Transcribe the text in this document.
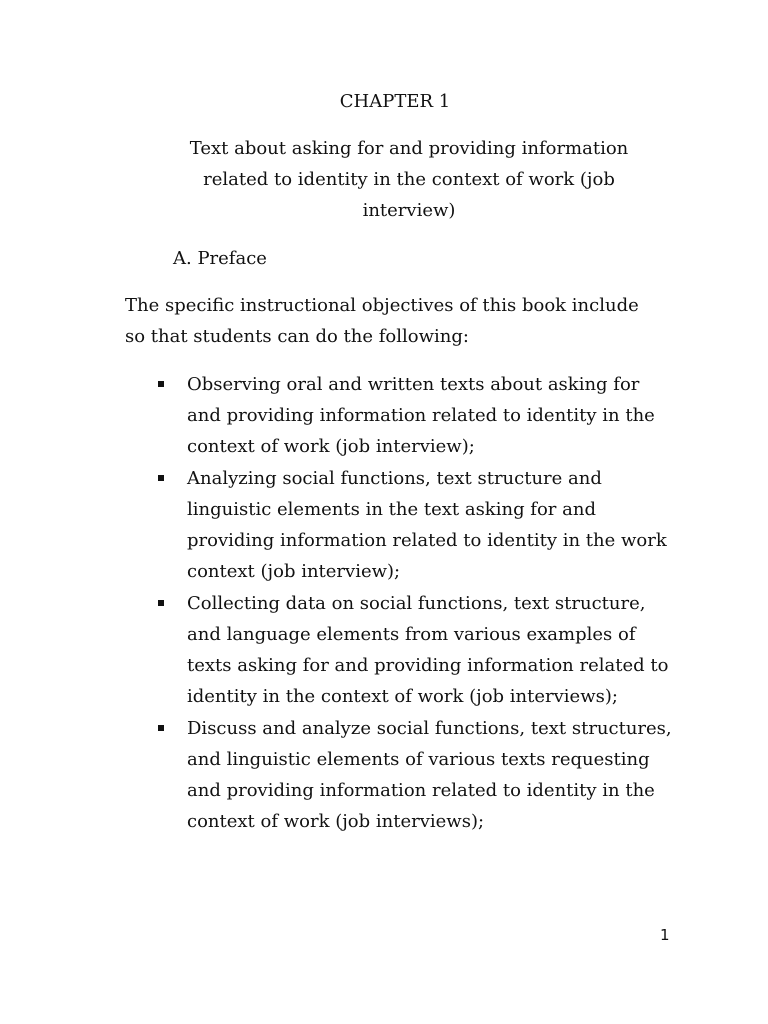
CHAPTER 1
Text about asking for and providing information related to identity in the context of work (job interview)
A. Preface
The specific instructional objectives of this book include so that students can do the following:
Observing oral and written texts about asking for and providing information related to identity in the context of work (job interview);
Analyzing social functions, text structure and linguistic elements in the text asking for and providing information related to identity in the work context (job interview);
Collecting data on social functions, text structure, and language elements from various examples of texts asking for and providing information related to identity in the context of work (job interviews);
Discuss and analyze social functions, text structures, and linguistic elements of various texts requesting and providing information related to identity in the context of work (job interviews);
1
